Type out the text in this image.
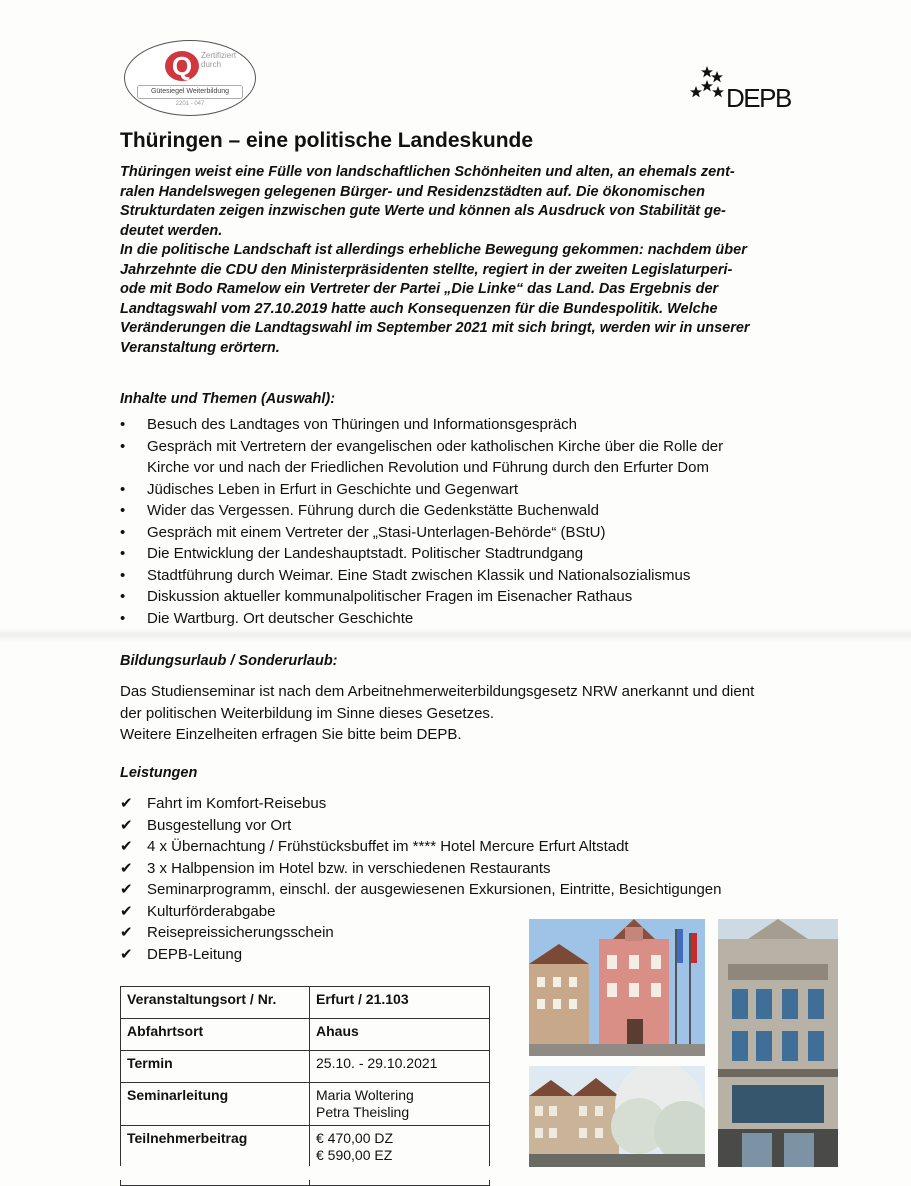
Q	Zertifiziert durch
Gütesiegel Weiterbildung
2201 - 047	DEPB
Thüringen – eine politische Landeskunde

Thüringen weist eine Fülle von landschaftlichen Schönheiten und alten, an ehemals zent-
ralen Handelswegen gelegenen Bürger- und Residenzstädten auf. Die ökonomischen
Strukturdaten zeigen inzwischen gute Werte und können als Ausdruck von Stabilität ge-
deutet werden.

In die politische Landschaft ist allerdings erhebliche Bewegung gekommen: nachdem über
Jahrzehnte die CDU den Ministerpräsidenten stellte, regiert in der zweiten Legislaturperi-
ode mit Bodo Ramelow ein Vertreter der Partei „Die Linke“ das Land. Das Ergebnis der
Landtagswahl vom 27.10.2019 hatte auch Konsequenzen für die Bundespolitik. Welche
Veränderungen die Landtagswahl im September 2021 mit sich bringt, werden wir in unserer
Veranstaltung erörtern.

Inhalte und Themen (Auswahl):
• Besuch des Landtages von Thüringen und Informationsgespräch
• Gespräch mit Vertretern der evangelischen oder katholischen Kirche über die Rolle der
Kirche vor und nach der Friedlichen Revolution und Führung durch den Erfurter Dom
• Jüdisches Leben in Erfurt in Geschichte und Gegenwart
• Wider das Vergessen. Führung durch die Gedenkstätte Buchenwald
• Gespräch mit einem Vertreter der „Stasi-Unterlagen-Behörde“ (BStU)
• Die Entwicklung der Landeshauptstadt. Politischer Stadtrundgang
• Stadtführung durch Weimar. Eine Stadt zwischen Klassik und Nationalsozialismus
• Diskussion aktueller kommunalpolitischer Fragen im Eisenacher Rathaus
• Die Wartburg. Ort deutscher Geschichte
Bildungsurlaub / Sonderurlaub:
Das Studienseminar ist nach dem Arbeitnehmerweiterbildungsgesetz NRW anerkannt und dient
der politischen Weiterbildung im Sinne dieses Gesetzes.
Weitere Einzelheiten erfragen Sie bitte beim DEPB.
Leistungen
✔ Fahrt im Komfort-Reisebus
✔ Busgestellung vor Ort
✔ 4 x Übernachtung / Frühstücksbuffet im **** Hotel Mercure Erfurt Altstadt
✔ 3 x Halbpension im Hotel bzw. in verschiedenen Restaurants
✔ Seminarprogramm, einschl. der ausgewiesenen Exkursionen, Eintritte, Besichtigungen
✔ Kulturförderabgabe
✔ Reisepreissicherungsschein
✔ DEPB-Leitung
Veranstaltungsort / Nr.	Erfurt / 21.103

Abfahrtsort	Ahaus

Termin	25.10. - 29.10.2021

Seminarleitung	Maria Woltering
Petra Theisling

Teilnehmerbeitrag	€ 470,00 DZ
€ 590,00 EZ
